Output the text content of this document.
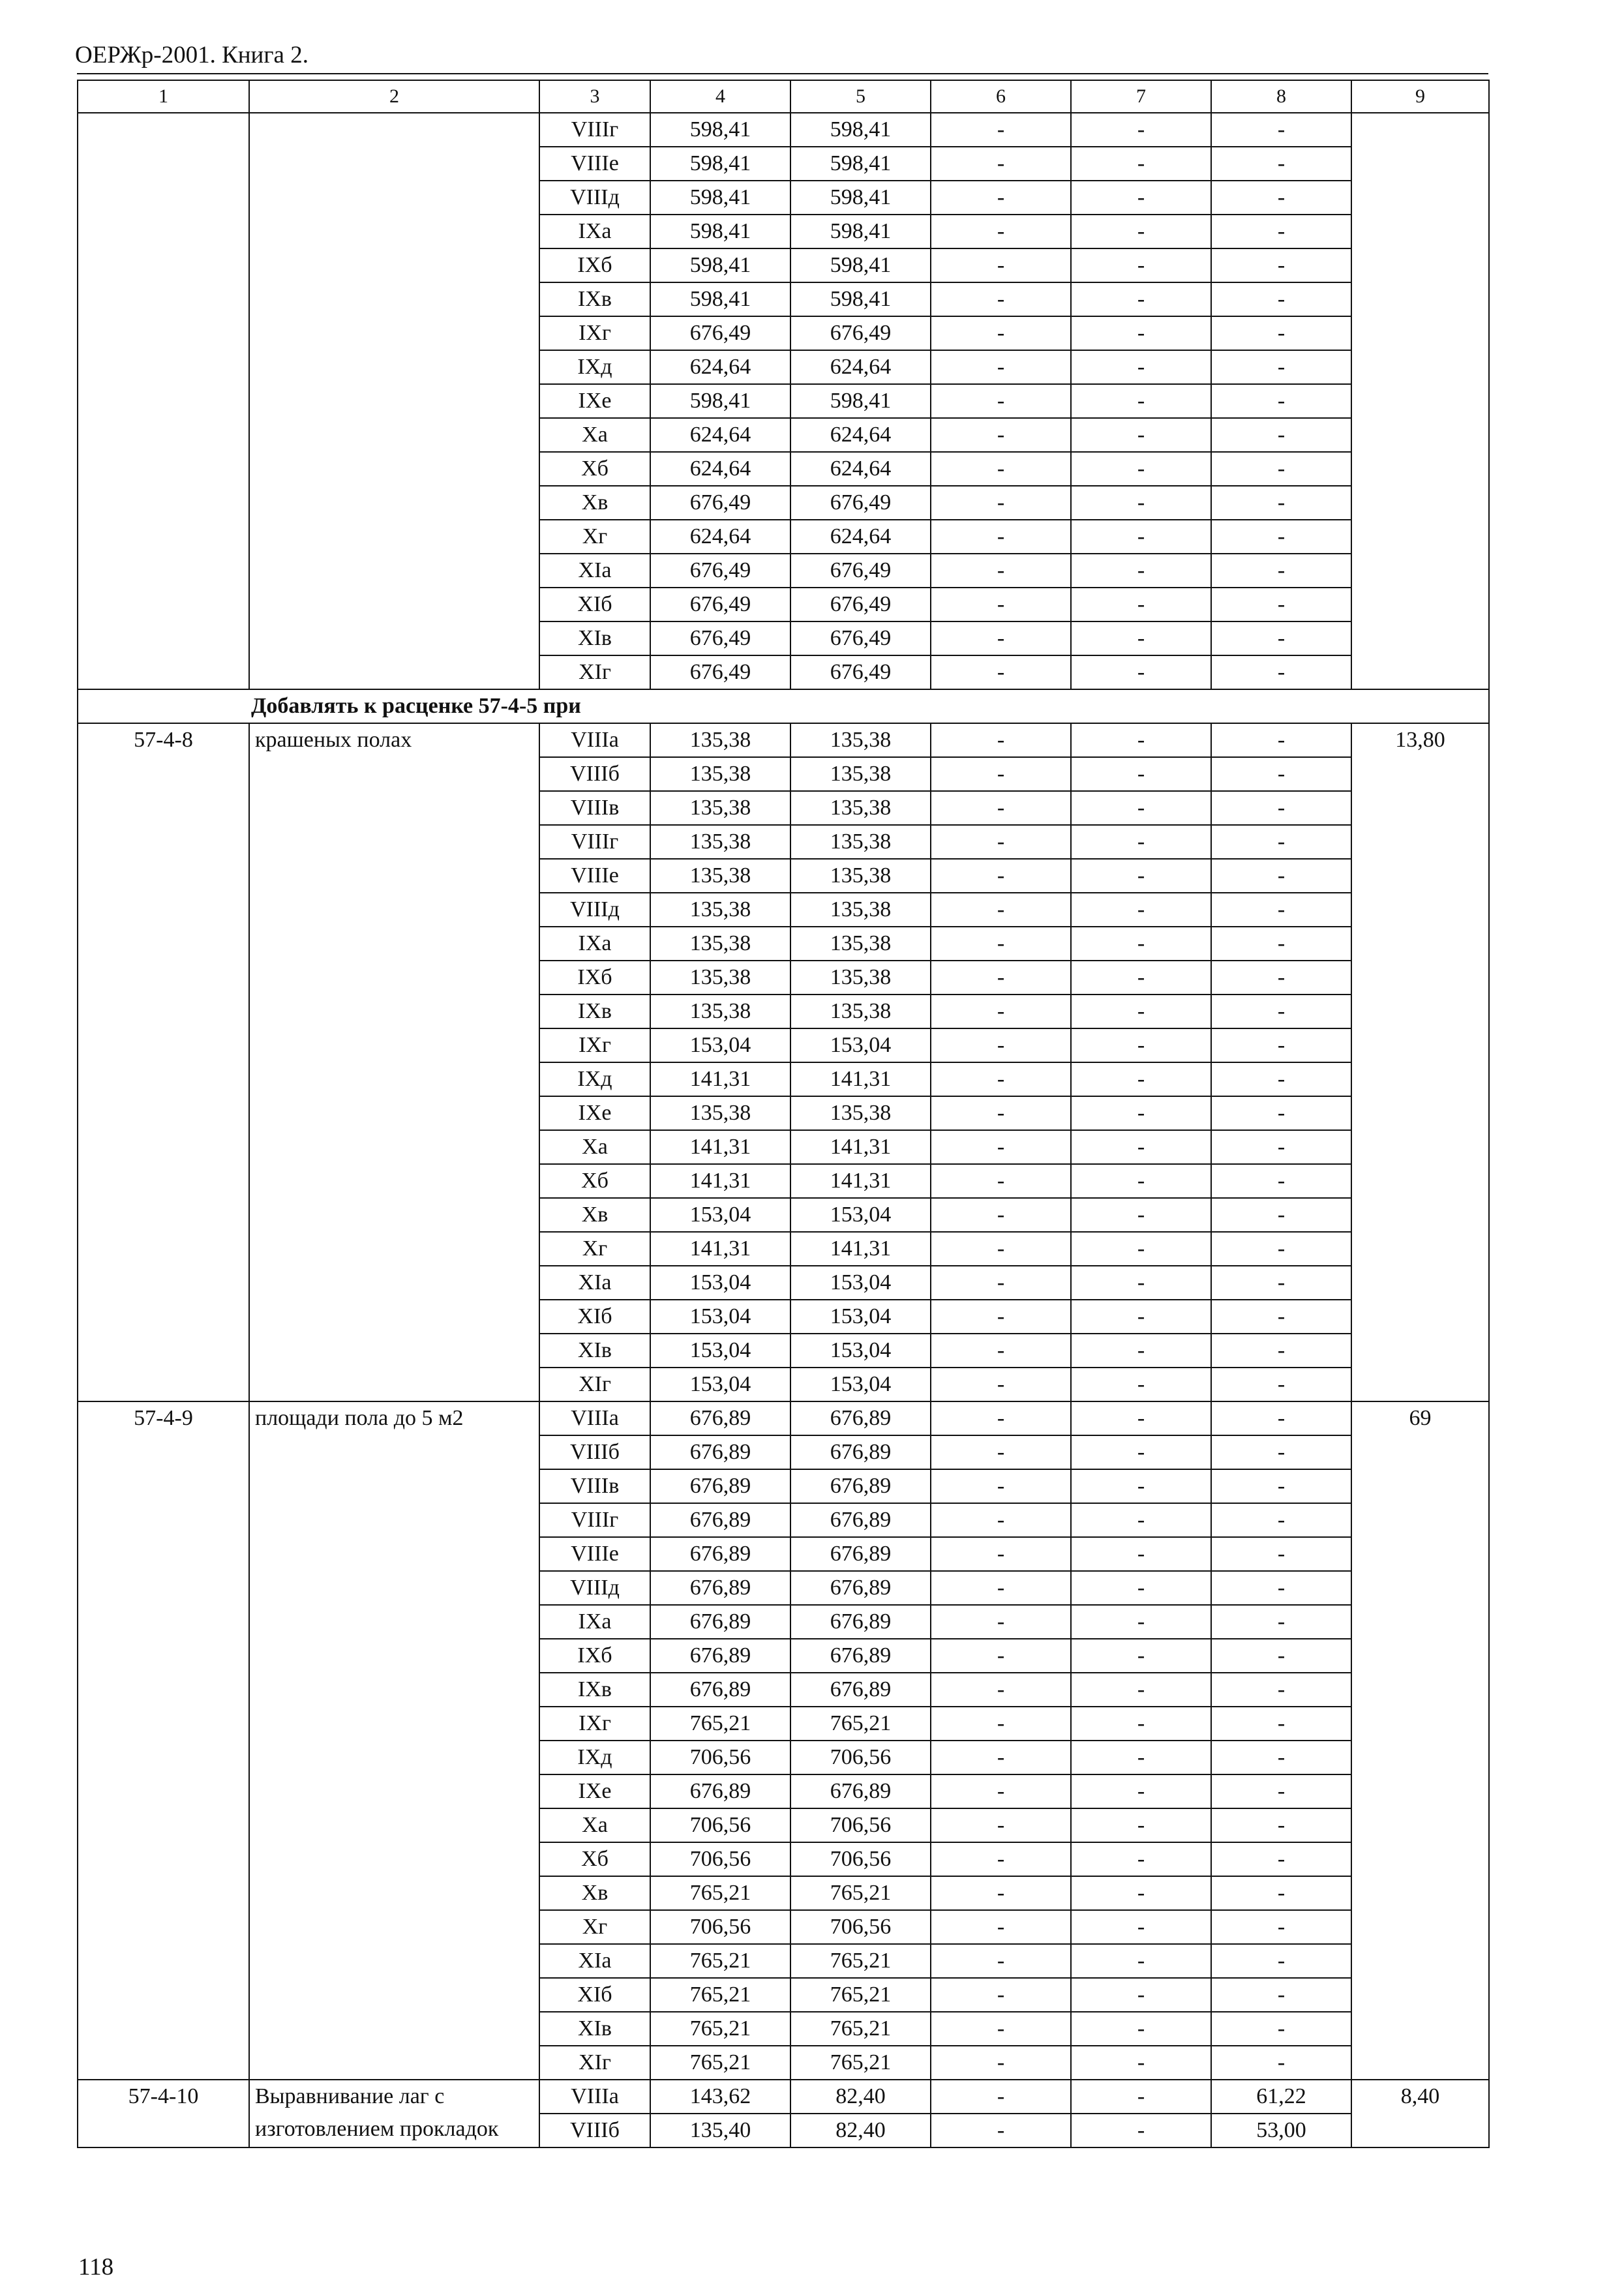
ОЕРЖр-2001. Книга 2.
1	2	3	4	5	6	7	8	9
		VIIIг	598,41	598,41	-	-	-	
		VIIIе	598,41	598,41	-	-	-	
		VIIIд	598,41	598,41	-	-	-	
		IXа	598,41	598,41	-	-	-	
		IXб	598,41	598,41	-	-	-	
		IXв	598,41	598,41	-	-	-	
		IXг	676,49	676,49	-	-	-	
		IXд	624,64	624,64	-	-	-	
		IXе	598,41	598,41	-	-	-	
		Xа	624,64	624,64	-	-	-	
		Xб	624,64	624,64	-	-	-	
		Xв	676,49	676,49	-	-	-	
		Xг	624,64	624,64	-	-	-	
		XIа	676,49	676,49	-	-	-	
		XIб	676,49	676,49	-	-	-	
		XIв	676,49	676,49	-	-	-	
		XIг	676,49	676,49	-	-	-	
Добавлять к расценке 57-4-5 при								
57-4-8	крашеных полах	VIIIа	135,38	135,38	-	-	-	13,80
		VIIIб	135,38	135,38	-	-	-	
		VIIIв	135,38	135,38	-	-	-	
		VIIIг	135,38	135,38	-	-	-	
		VIIIе	135,38	135,38	-	-	-	
		VIIIд	135,38	135,38	-	-	-	
		IXа	135,38	135,38	-	-	-	
		IXб	135,38	135,38	-	-	-	
		IXв	135,38	135,38	-	-	-	
		IXг	153,04	153,04	-	-	-	
		IXд	141,31	141,31	-	-	-	
		IXе	135,38	135,38	-	-	-	
		Xа	141,31	141,31	-	-	-	
		Xб	141,31	141,31	-	-	-	
		Xв	153,04	153,04	-	-	-	
		Xг	141,31	141,31	-	-	-	
		XIа	153,04	153,04	-	-	-	
		XIб	153,04	153,04	-	-	-	
		XIв	153,04	153,04	-	-	-	
		XIг	153,04	153,04	-	-	-	
57-4-9	площади пола до 5 м2	VIIIа	676,89	676,89	-	-	-	69
		VIIIб	676,89	676,89	-	-	-	
		VIIIв	676,89	676,89	-	-	-	
		VIIIг	676,89	676,89	-	-	-	
		VIIIе	676,89	676,89	-	-	-	
		VIIIд	676,89	676,89	-	-	-	
		IXа	676,89	676,89	-	-	-	
		IXб	676,89	676,89	-	-	-	
		IXв	676,89	676,89	-	-	-	
		IXг	765,21	765,21	-	-	-	
		IXд	706,56	706,56	-	-	-	
		IXе	676,89	676,89	-	-	-	
		Xа	706,56	706,56	-	-	-	
		Xб	706,56	706,56	-	-	-	
		Xв	765,21	765,21	-	-	-	
		Xг	706,56	706,56	-	-	-	
		XIа	765,21	765,21	-	-	-	
		XIб	765,21	765,21	-	-	-	
		XIв	765,21	765,21	-	-	-	
		XIг	765,21	765,21	-	-	-	
57-4-10	Выравнивание лаг с изготовлением прокладок	VIIIа	143,62	82,40	-	-	61,22	8,40
		VIIIб	135,40	82,40	-	-	53,00	
118
